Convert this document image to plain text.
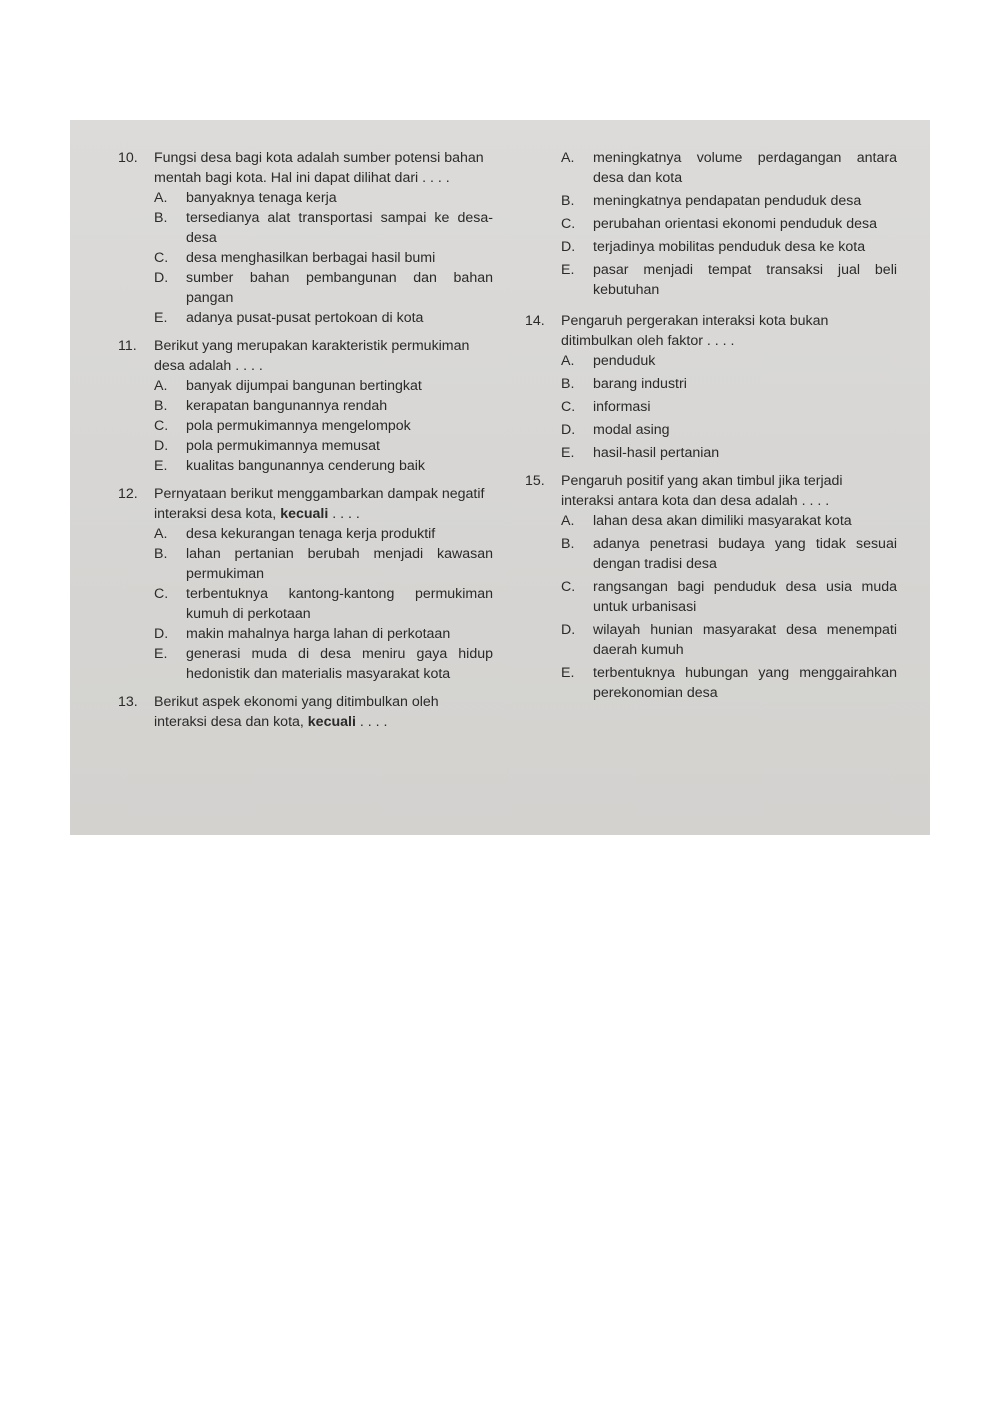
10.	Fungsi desa bagi kota adalah sumber potensi bahan mentah bagi kota. Hal ini dapat dilihat dari . . . .
A.	banyaknya tenaga kerja
B.	tersedianya alat transportasi sampai ke desa-desa
C.	desa menghasilkan berbagai hasil bumi
D.	sumber bahan pembangunan dan bahan pangan
E.	adanya pusat-pusat pertokoan di kota
11.	Berikut yang merupakan karakteristik permukiman desa adalah . . . .
A.	banyak dijumpai bangunan bertingkat
B.	kerapatan bangunannya rendah
C.	pola permukimannya mengelompok
D.	pola permukimannya memusat
E.	kualitas bangunannya cenderung baik
12.	Pernyataan berikut menggambarkan dampak negatif interaksi desa kota, kecuali . . . .
A.	desa kekurangan tenaga kerja produktif
B.	lahan pertanian berubah menjadi kawasan permukiman
C.	terbentuknya kantong-kantong permukiman kumuh di perkotaan
D.	makin mahalnya harga lahan di perkotaan
E.	generasi muda di desa meniru gaya hidup hedonistik dan materialis masyarakat kota
13.	Berikut aspek ekonomi yang ditimbulkan oleh interaksi desa dan kota, kecuali . . . .
A.	meningkatnya volume perdagangan antara desa dan kota
B.	meningkatnya pendapatan penduduk desa
C.	perubahan orientasi ekonomi penduduk desa
D.	terjadinya mobilitas penduduk desa ke kota
E.	pasar menjadi tempat transaksi jual beli kebutuhan
14.	Pengaruh pergerakan interaksi kota bukan ditimbulkan oleh faktor . . . .
A.	penduduk
B.	barang industri
C.	informasi
D.	modal asing
E.	hasil-hasil pertanian
15.	Pengaruh positif yang akan timbul jika terjadi interaksi antara kota dan desa adalah . . . .
A.	lahan desa akan dimiliki masyarakat kota
B.	adanya penetrasi budaya yang tidak sesuai dengan tradisi desa
C.	rangsangan bagi penduduk desa usia muda untuk urbanisasi
D.	wilayah hunian masyarakat desa menempati daerah kumuh
E.	terbentuknya hubungan yang menggairahkan perekonomian desa
